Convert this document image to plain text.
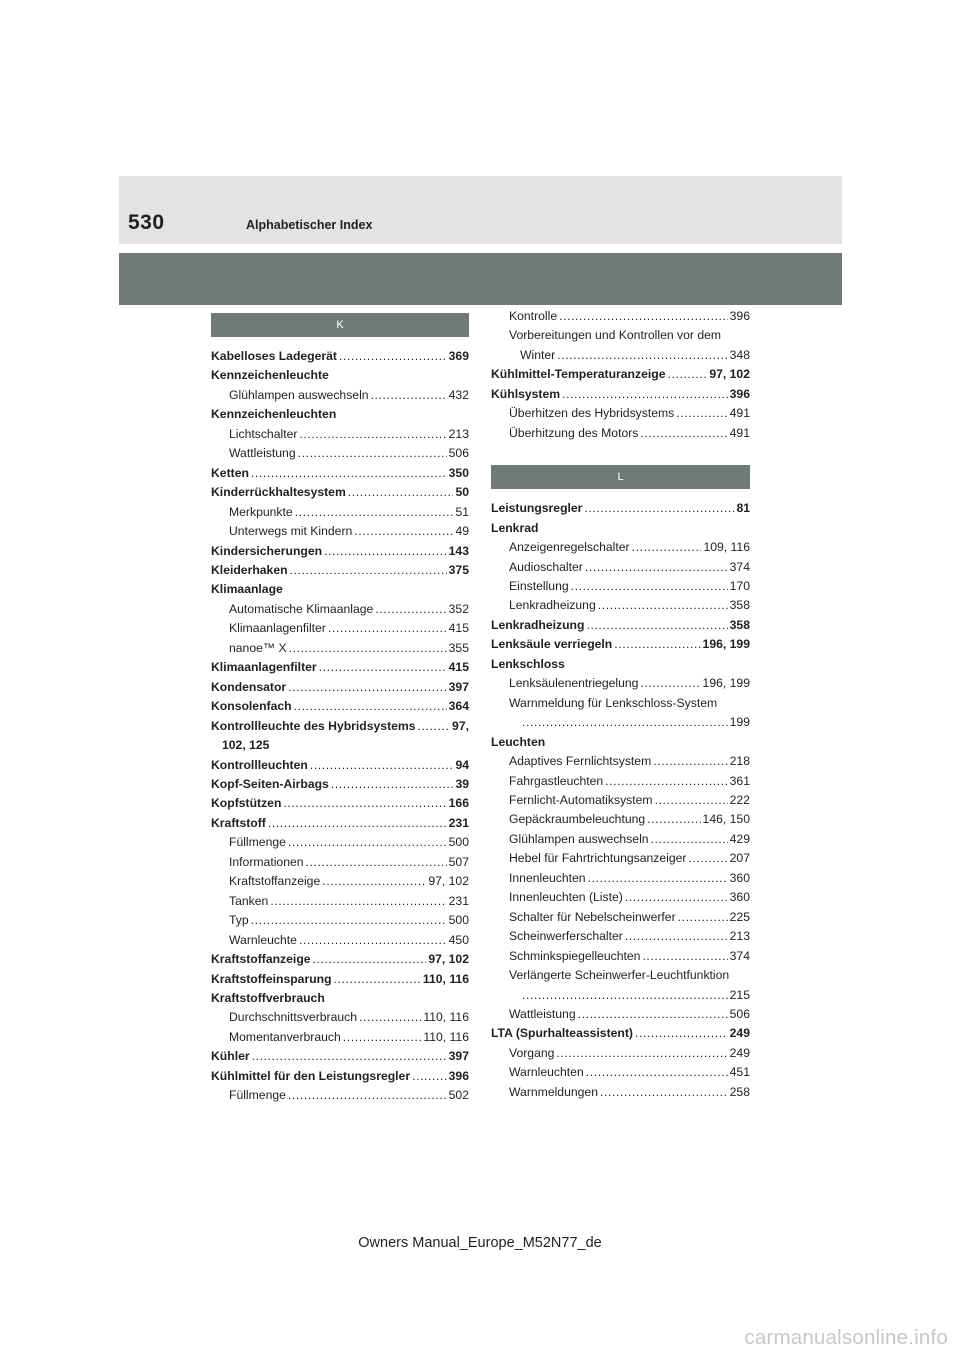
530	Alphabetischer Index
K
Kabelloses Ladegerät .....	369
Kennzeichenleuchte
Glühlampen auswechseln .....	432
Kennzeichenleuchten
Lichtschalter .....	213
Wattleistung .....	506
Ketten .....	350
Kinderrückhaltesystem .....	50
Merkpunkte .....	51
Unterwegs mit Kindern .....	49
Kindersicherungen .....	143
Kleiderhaken .....	375
Klimaanlage
Automatische Klimaanlage .....	352
Klimaanlagenfilter .....	415
nanoe™ X .....	355
Klimaanlagenfilter .....	415
Kondensator .....	397
Konsolenfach .....	364
Kontrollleuchte des Hybridsystems .....	97,
102, 125
Kontrollleuchten .....	94
Kopf-Seiten-Airbags .....	39
Kopfstützen .....	166
Kraftstoff .....	231
Füllmenge .....	500
Informationen .....	507
Kraftstoffanzeige .....	97, 102
Tanken .....	231
Typ .....	500
Warnleuchte .....	450
Kraftstoffanzeige .....	97, 102
Kraftstoffeinsparung .....	110, 116
Kraftstoffverbrauch
Durchschnittsverbrauch .....	110, 116
Momentanverbrauch .....	110, 116
Kühler .....	397
Kühlmittel für den Leistungsregler .....	396
Füllmenge .....	502
Kontrolle .....	396
Vorbereitungen und Kontrollen vor dem
Winter .....	348
Kühlmittel-Temperaturanzeige .....	97, 102
Kühlsystem .....	396
Überhitzen des Hybridsystems .....	491
Überhitzung des Motors .....	491
L
Leistungsregler .....	81
Lenkrad
Anzeigenregelschalter .....	109, 116
Audioschalter .....	374
Einstellung .....	170
Lenkradheizung .....	358
Lenkradheizung .....	358
Lenksäule verriegeln .....	196, 199
Lenkschloss
Lenksäulenentriegelung .....	196, 199
Warnmeldung für Lenkschloss-System
.....
199
Leuchten
Adaptives Fernlichtsystem .....	218
Fahrgastleuchten .....	361
Fernlicht-Automatiksystem .....	222
Gepäckraumbeleuchtung .....	146, 150
Glühlampen auswechseln .....	429
Hebel für Fahrtrichtungsanzeiger .....	207
Innenleuchten .....	360
Innenleuchten (Liste) .....	360
Schalter für Nebelscheinwerfer .....	225
Scheinwerferschalter .....	213
Schminkspiegelleuchten .....	374
Verlängerte Scheinwerfer-Leuchtfunktion
.....
215
Wattleistung .....	506
LTA (Spurhalteassistent) .....	249
Vorgang .....	249
Warnleuchten .....	451
Warnmeldungen .....	258
Owners Manual_Europe_M52N77_de
carmanualsonline.info
